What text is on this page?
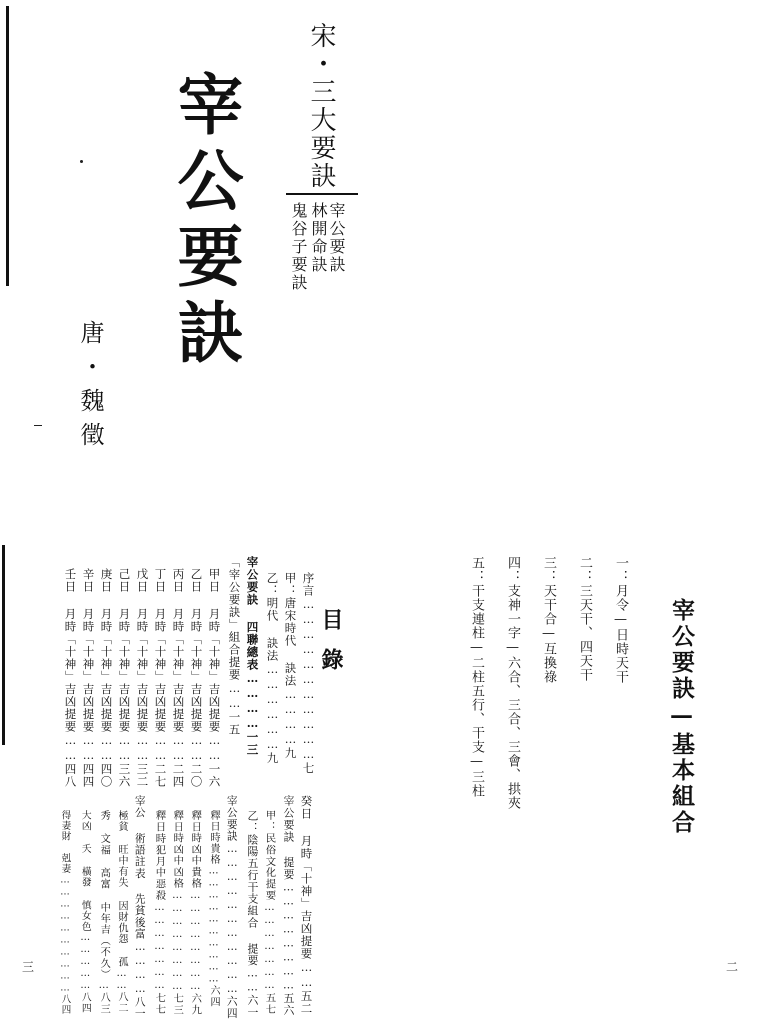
宋・三大要訣
宰公要訣
林開命訣
鬼谷子要訣
宰公要訣
唐・魏徵
宰公要訣—基本組合
一：月令—日時天干
二：三天干、四天干
三：天干合—互換祿
四：支神一字—六合、三合、三會、拱夾
五：干支連柱—二柱五行、干支—三柱
二
目錄
序言……………………………七
甲：唐宋時代 訣法…………九
乙：明代 訣法………………九
宰公要訣 四聯總表…………一三
「宰公要訣」組合提要……一五
甲日 月時「十神」吉凶提要……一六
乙日 月時「十神」吉凶提要……二〇
丙日 月時「十神」吉凶提要……二四
丁日 月時「十神」吉凶提要……二七
戊日 月時「十神」吉凶提要……三二
己日 月時「十神」吉凶提要……三六
庚日 月時「十神」吉凶提要……四〇
辛日 月時「十神」吉凶提要……四四
壬日 月時「十神」吉凶提要……四八
癸日 月時「十神」吉凶提要……五二
宰公要訣 提要……………………五六
甲：民俗文化提要…………………五七
乙：陰陽五行干支組合 提要……六一
宰公要訣……………………………六四
釋日時貴格…………………………六四
釋日時凶中貴格……………………六九
釋日時凶中凶格……………………七三
釋日時犯月中惡殺…………………七七
宰公 術語註表 先貧後富…………八一
極貧 旺中有失 因財仇怨 孤……八二
秀 文福 高富 中年吉（不久）…八三
大凶 夭 橫發 慎女色……………八四
得妻財 剋妻…………………………八四
三
